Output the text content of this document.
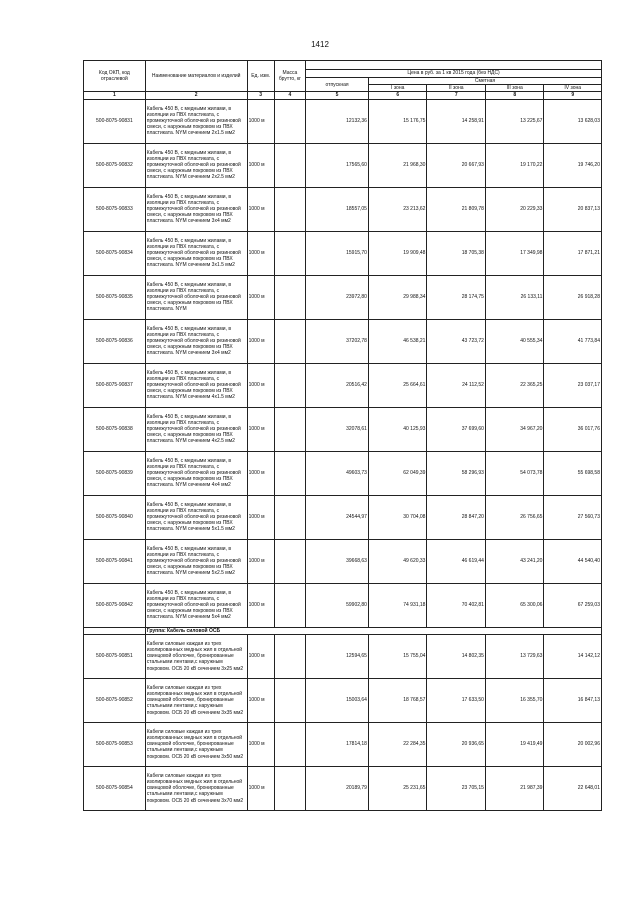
1412
Код ОКП, код отраслевой	Наименование материалов и изделий	Ед. изм.	Масса брутто, кг					
				Цена в руб. за 1 кв 2015 года (без НДС)				
				отпускная	Сметная			
					I зона	II зона	III зона	IV зона
1	2	3	4	5	6	7	8	9
500-8075-90831	Кабель 450 В, с медными жилами, в изоляции из ПВХ пластиката, с промежуточной оболочкой из резиновой смеси, с наружным покровом из ПВХ пластиката. NYM сечением 2х1.5 мм2	1000 м		12132,36	15 176,75	14 258,91	13 225,67	13 628,03
500-8075-90832	Кабель 450 В, с медными жилами, в изоляции из ПВХ пластиката, с промежуточной оболочкой из резиновой смеси, с наружным покровом из ПВХ пластиката. NYM сечением 2х2.5 мм2	1000 м		17565,60	21 968,30	20 667,93	19 170,22	19 746,20
500-8075-90833	Кабель 450 В, с медными жилами, в изоляции из ПВХ пластиката, с промежуточной оболочкой из резиновой смеси, с наружным покровом из ПВХ пластиката. NYM сечением 3х4 мм2	1000 м		18557,05	23 213,62	21 809,78	20 229,33	20 837,13
500-8075-90834	Кабель 450 В, с медными жилами, в изоляции из ПВХ пластиката, с промежуточной оболочкой из резиновой смеси, с наружным покровом из ПВХ пластиката. NYM сечением 3х1.5 мм2	1000 м		15915,70	19 909,48	18 705,38	17 349,98	17 871,21
500-8075-90835	Кабель 450 В, с медными жилами, в изоляции из ПВХ пластиката, с промежуточной оболочкой из резиновой смеси, с наружным покровом из ПВХ пластиката. NYM	1000 м		23972,80	29 988,34	28 174,75	26 133,11	26 918,28
500-8075-90836	Кабель 450 В, с медными жилами, в изоляции из ПВХ пластиката, с промежуточной оболочкой из резиновой смеси, с наружным покровом из ПВХ пластиката. NYM сечением 3х4 мм2	1000 м		37202,78	46 538,21	43 723,72	40 555,34	41 773,84
500-8075-90837	Кабель 450 В, с медными жилами, в изоляции из ПВХ пластиката, с промежуточной оболочкой из резиновой смеси, с наружным покровом из ПВХ пластиката. NYM сечением 4х1.5 мм2	1000 м		20516,42	25 664,61	24 112,52	22 365,25	23 037,17
500-8075-90838	Кабель 450 В, с медными жилами, в изоляции из ПВХ пластиката, с промежуточной оболочкой из резиновой смеси, с наружным покровом из ПВХ пластиката. NYM сечением 4х2.5 мм2	1000 м		32078,61	40 125,93	37 699,60	34 967,20	36 017,76
500-8075-90839	Кабель 450 В, с медными жилами, в изоляции из ПВХ пластиката, с промежуточной оболочкой из резиновой смеси, с наружным покровом из ПВХ пластиката. NYM сечением 4х4 мм2	1000 м		49603,73	62 049,39	58 296,93	54 073,78	55 698,58
500-8075-90840	Кабель 450 В, с медными жилами, в изоляции из ПВХ пластиката, с промежуточной оболочкой из резиновой смеси, с наружным покровом из ПВХ пластиката. NYM сечением 5х1.5 мм2	1000 м		24544,97	30 704,08	28 847,20	26 756,65	27 560,73
500-8075-90841	Кабель 450 В, с медными жилами, в изоляции из ПВХ пластиката, с промежуточной оболочкой из резиновой смеси, с наружным покровом из ПВХ пластиката. NYM сечением 5х2.5 мм2	1000 м		39668,63	49 620,33	46 619,44	43 241,20	44 540,40
500-8075-90842	Кабель 450 В, с медными жилами, в изоляции из ПВХ пластиката, с промежуточной оболочкой из резиновой смеси, с наружным покровом из ПВХ пластиката. NYM сечением 5х4 мм2	1000 м		59902,80	74 931,18	70 402,81	65 300,06	67 259,03
	Группа: Кабель силовой ОСБ							
500-8075-90851	Кабели силовые каждая из трех изолированных медных жил в отдельной свинцовой оболочке, бронированные стальными лентами,с наружным покровом. ОСБ 20 кВ сечением 3х25 мм2	1000 м		12594,65	15 755,04	14 802,35	13 729,63	14 142,12
500-8075-90852	Кабели силовые каждая из трех изолированных медных жил в отдельной свинцовой оболочке, бронированные стальными лентами,с наружным покровом. ОСБ 20 кВ сечением 3х35 мм2	1000 м		15003,64	18 768,57	17 633,50	16 355,70	16 847,13
500-8075-90853	Кабели силовые каждая из трех изолированных медных жил в отдельной свинцовой оболочке, бронированные стальными лентами,с наружным покровом. ОСБ 20 кВ сечением 3х50 мм2	1000 м		17814,18	22 284,35	20 936,65	19 419,49	20 002,96
500-8075-90854	Кабели силовые каждая из трех изолированных медных жил в отдельной свинцовой оболочке, бронированные стальными лентами,с наружным покровом. ОСБ 20 кВ сечением 3х70 мм2	1000 м		20189,79	25 231,65	23 705,15	21 987,39	22 648,01
